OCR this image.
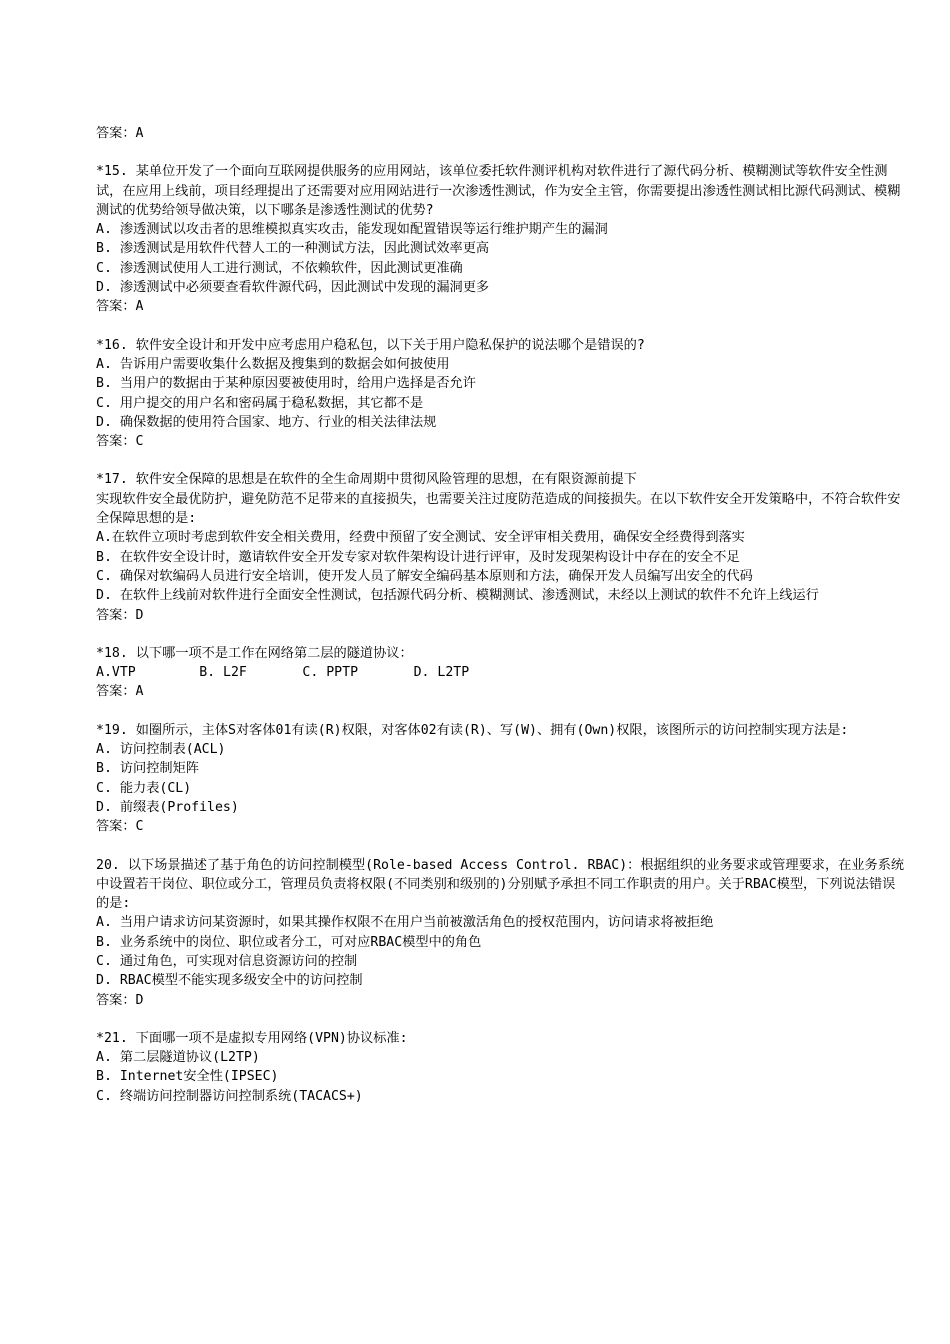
答案：A

*15. 某单位开发了一个面向互联网提供服务的应用网站，该单位委托软件测评机构对软件进行了源代码分析、模糊测试等软件安全性测试，在应用上线前，项目经理提出了还需要对应用网站进行一次渗透性测试，作为安全主管，你需要提出渗透性测试相比源代码测试、模糊测试的优势给领导做决策，以下哪条是渗透性测试的优势?

A. 渗透测试以攻击者的思维模拟真实攻击，能发现如配置错误等运行维护期产生的漏洞

B. 渗透测试是用软件代替人工的一种测试方法，因此测试效率更高

C. 渗透测试使用人工进行测试，不依赖软件，因此测试更准确

D. 渗透测试中必须要查看软件源代码，因此测试中发现的漏洞更多

答案：A

*16. 软件安全设计和开发中应考虑用户稳私包，以下关于用户隐私保护的说法哪个是错误的?

A. 告诉用户需要收集什么数据及搜集到的数据会如何披使用

B. 当用户的数据由于某种原因要被使用时，给用户选择是否允许

C. 用户提交的用户名和密码属于稳私数据，其它都不是

D. 确保数据的使用符合国家、地方、行业的相关法律法规

答案：C

*17. 软件安全保障的思想是在软件的全生命周期中贯彻风险管理的思想，在有限资源前提下
实现软件安全最优防护，避免防范不足带来的直接损失，也需要关注过度防范造成的间接损失。在以下软件安全开发策略中，不符合软件安全保障思想的是:

A.在软件立项时考虑到软件安全相关费用，经费中预留了安全测试、安全评审相关费用，确保安全经费得到落实

B. 在软件安全设计时，邀请软件安全开发专家对软件架构设计进行评审，及时发现架构设计中存在的安全不足

C. 确保对软编码人员进行安全培训，使开发人员了解安全编码基本原则和方法，确保开发人员编写出安全的代码

D. 在软件上线前对软件进行全面安全性测试，包括源代码分析、模糊测试、渗透测试，未经以上测试的软件不允许上线运行

答案：D

*18. 以下哪一项不是工作在网络第二层的隧道协议：

A.VTP        B. L2F       C. PPTP       D. L2TP

答案：A

*19. 如圈所示，主体S对客体01有读(R)权限，对客体02有读(R)、写(W)、拥有(Own)权限，该图所示的访问控制实现方法是:

A. 访问控制表(ACL)

B. 访问控制矩阵

C. 能力表(CL)

D. 前缀表(Profiles)

答案：C

20. 以下场景描述了基于角色的访问控制模型(Role-based Access Control. RBAC)：根据组织的业务要求或管理要求，在业务系统中设置若干岗位、职位或分工，管理员负责将权限(不同类别和级别的)分别赋予承担不同工作职责的用户。关于RBAC模型，下列说法错误的是:

A. 当用户请求访问某资源时，如果其操作权限不在用户当前被激活角色的授权范围内，访问请求将被拒绝

B. 业务系统中的岗位、职位或者分工，可对应RBAC模型中的角色

C. 通过角色，可实现对信息资源访问的控制

D. RBAC模型不能实现多级安全中的访问控制

答案：D

*21. 下面哪一项不是虚拟专用网络(VPN)协议标准:

A. 第二层隧道协议(L2TP)

B. Internet安全性(IPSEC)

C. 终端访问控制器访问控制系统(TACACS+)
